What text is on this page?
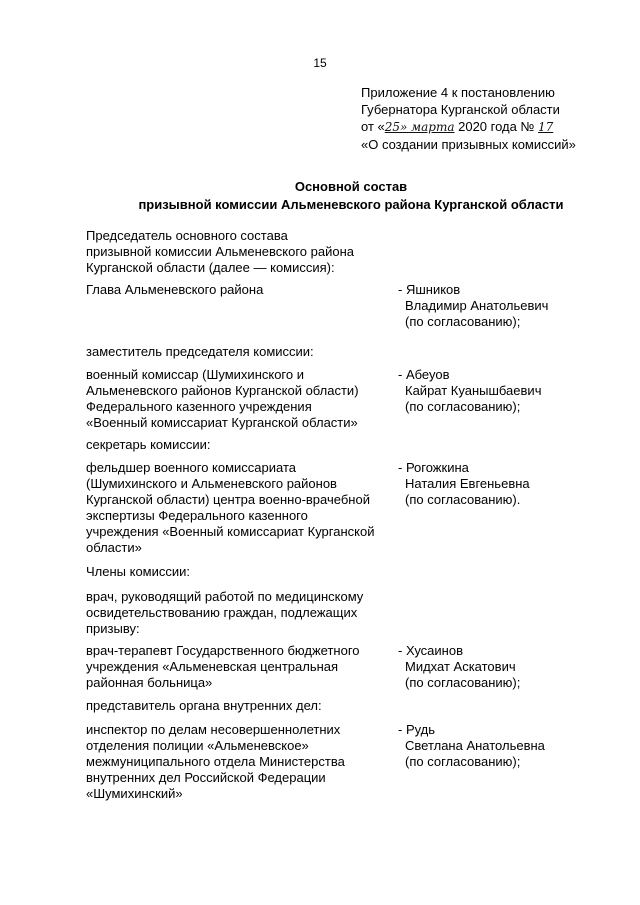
15
Приложение 4 к постановлению
Губернатора Курганской области
от «25» марта 2020 года № 17
«О создании призывных комиссий»
Основной состав
призывной комиссии Альменевского района Курганской области
Председатель основного состава
призывной комиссии Альменевского района
Курганской области (далее — комиссия):
Глава Альменевского района	- Яшников
Владимир Анатольевич
(по согласованию);
заместитель председателя комиссии:
военный комиссар (Шумихинского и
Альменевского районов Курганской области)
Федерального казенного учреждения
«Военный комиссариат Курганской области»
- Абеуов
Кайрат Куанышбаевич
(по согласованию);
секретарь комиссии:
фельдшер военного комиссариата
(Шумихинского и Альменевского районов
Курганской области) центра военно-врачебной
экспертизы Федерального казенного
учреждения «Военный комиссариат Курганской
области»
- Рогожкина
Наталия Евгеньевна
(по согласованию).
Члены комиссии:
врач, руководящий работой по медицинскому
освидетельствованию граждан, подлежащих
призыву:
врач-терапевт Государственного бюджетного
учреждения «Альменевская центральная
районная больница»
- Хусаинов
Мидхат Аскатович
(по согласованию);
представитель органа внутренних дел:
инспектор по делам несовершеннолетних
отделения полиции «Альменевское»
межмуниципального отдела Министерства
внутренних дел Российской Федерации
«Шумихинский»
- Рудь
Светлана Анатольевна
(по согласованию);
